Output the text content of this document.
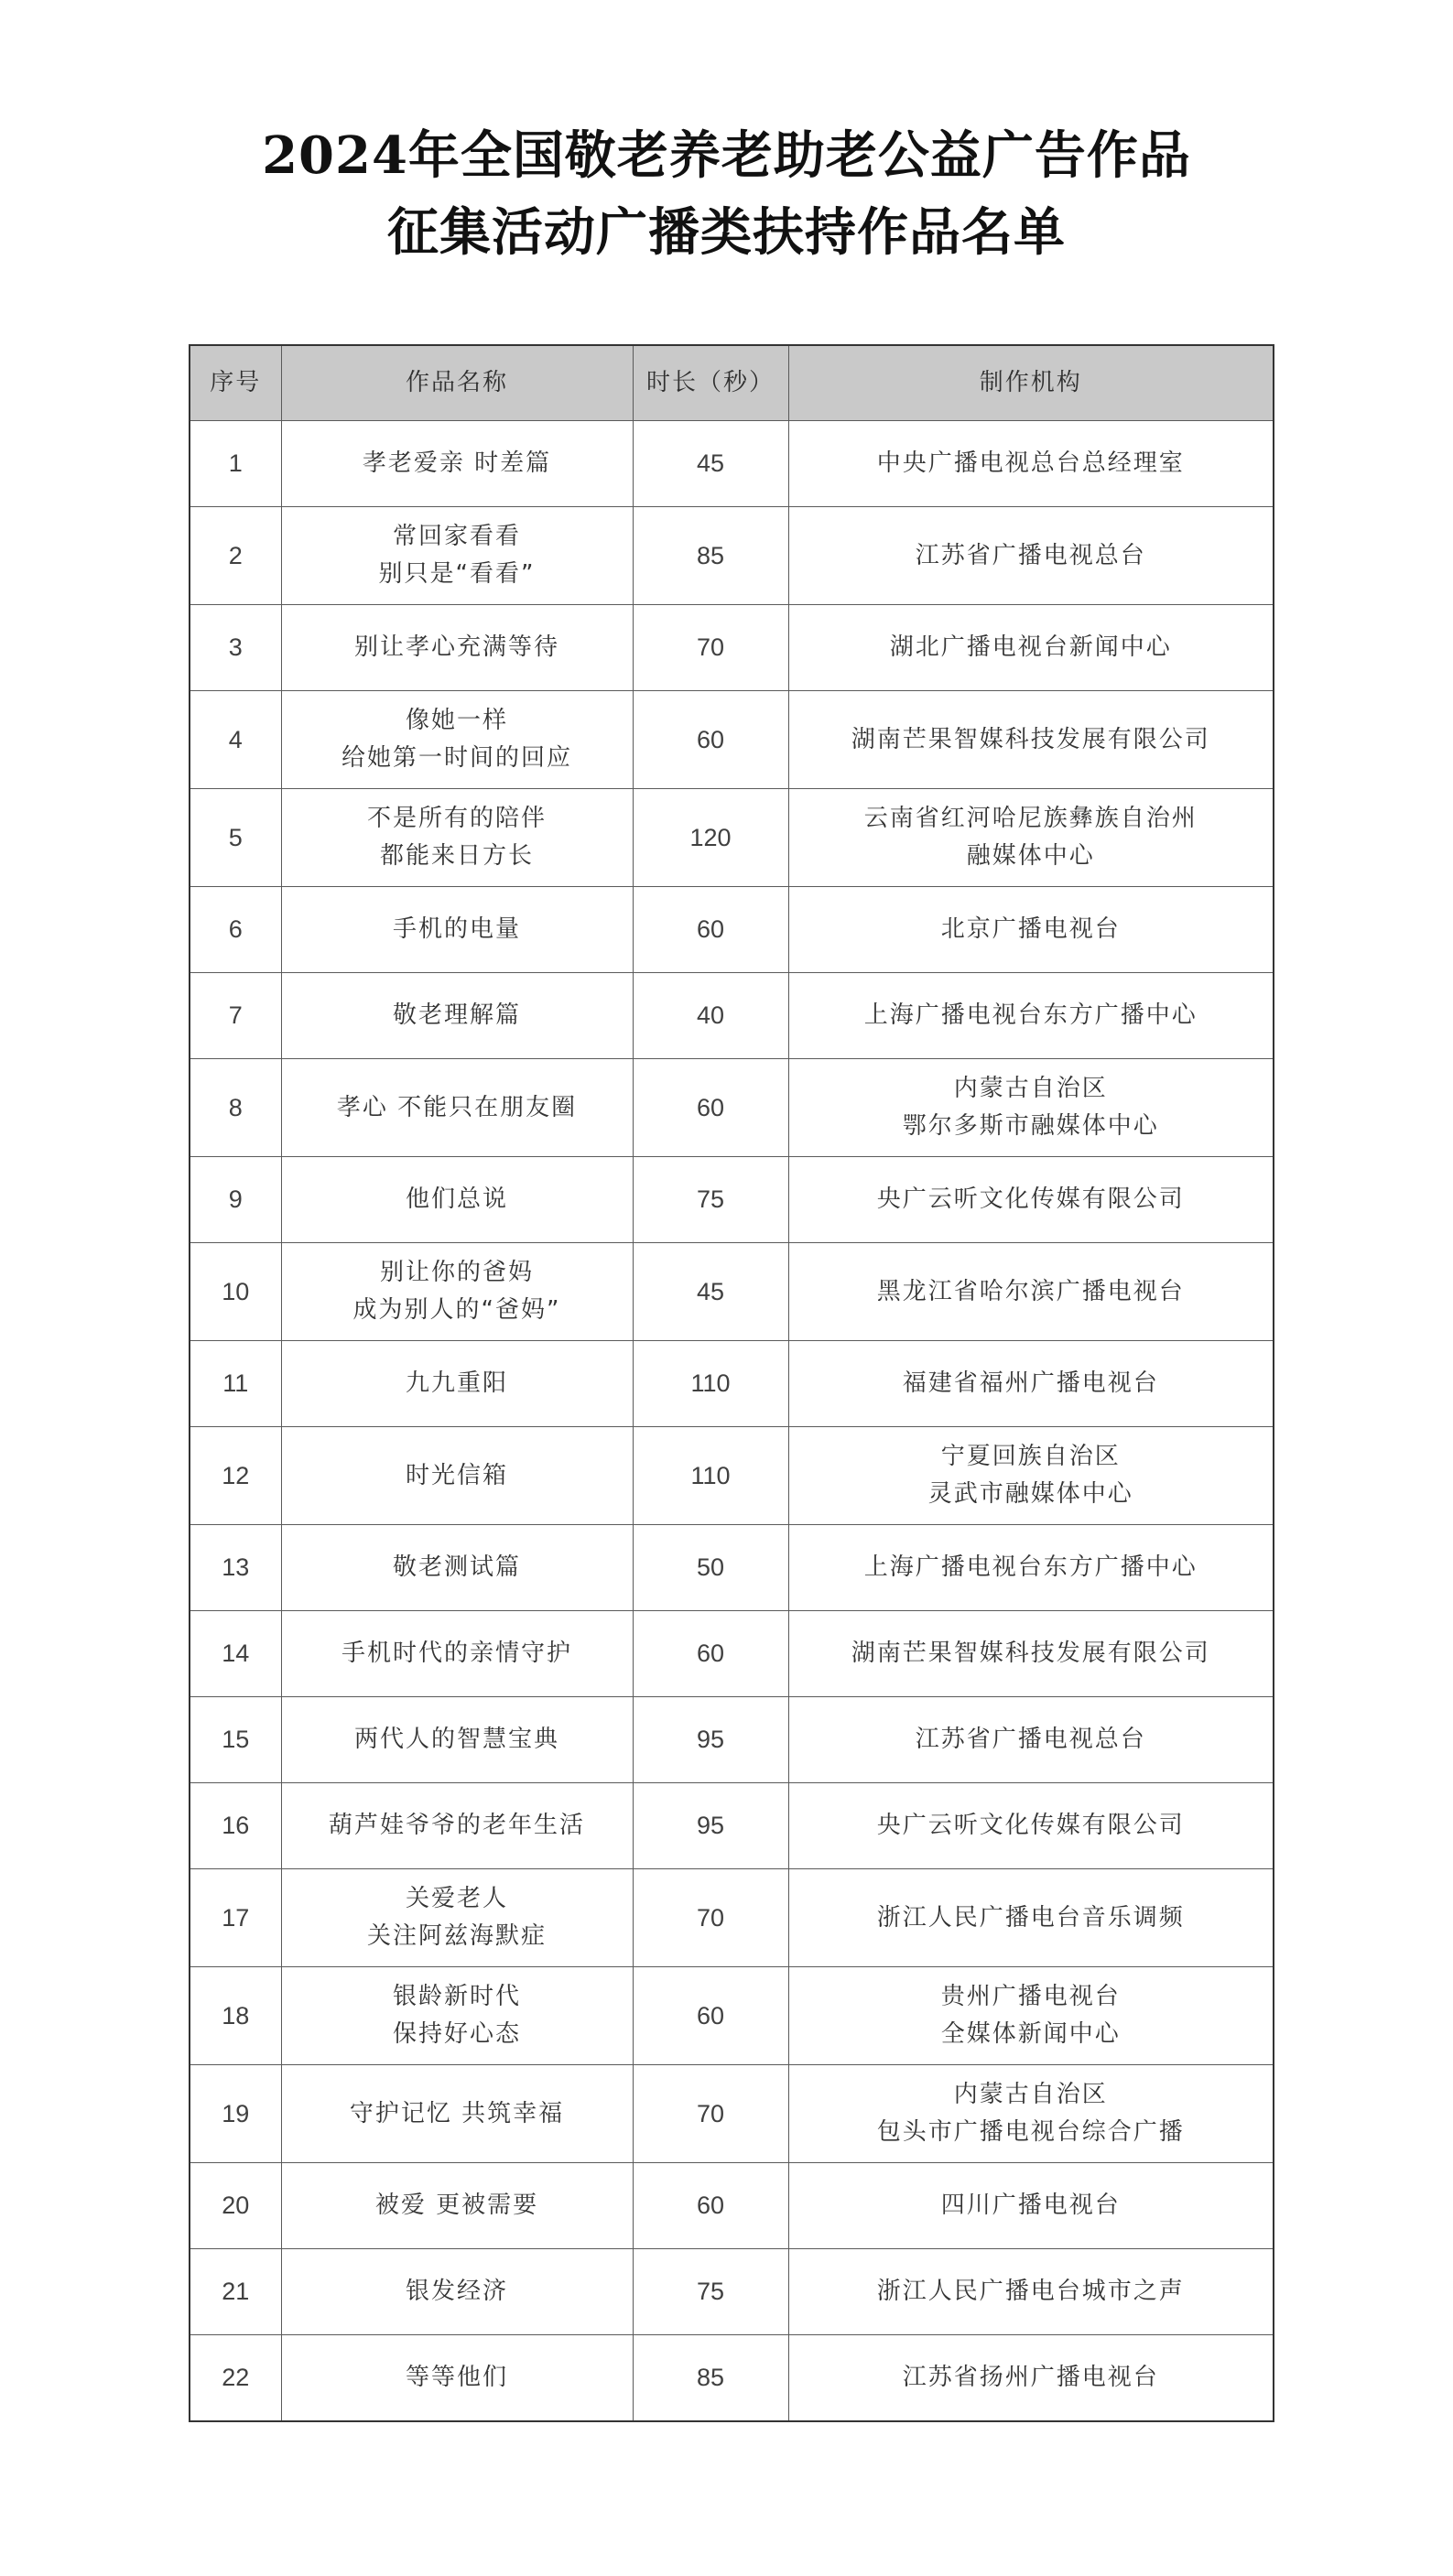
2024年全国敬老养老助老公益广告作品
征集活动广播类扶持作品名单
序号	作品名称	时长（秒）	制作机构
1	孝老爱亲 时差篇	45	中央广播电视总台总经理室

2	常回家看看
别只是“看看”	85	江苏省广播电视总台

3	别让孝心充满等待	70	湖北广播电视台新闻中心

4	像她一样
给她第一时间的回应	60	湖南芒果智媒科技发展有限公司

5	不是所有的陪伴
都能来日方长	120	云南省红河哈尼族彝族自治州
融媒体中心

6	手机的电量	60	北京广播电视台

7	敬老理解篇	40	上海广播电视台东方广播中心

8	孝心 不能只在朋友圈	60	内蒙古自治区
鄂尔多斯市融媒体中心

9	他们总说	75	央广云听文化传媒有限公司

10	别让你的爸妈
成为别人的“爸妈”	45	黑龙江省哈尔滨广播电视台

11	九九重阳	110	福建省福州广播电视台

12	时光信箱	110	宁夏回族自治区
灵武市融媒体中心

13	敬老测试篇	50	上海广播电视台东方广播中心

14	手机时代的亲情守护	60	湖南芒果智媒科技发展有限公司

15	两代人的智慧宝典	95	江苏省广播电视总台

16	葫芦娃爷爷的老年生活	95	央广云听文化传媒有限公司

17	关爱老人
关注阿兹海默症	70	浙江人民广播电台音乐调频

18	银龄新时代
保持好心态	60	贵州广播电视台
全媒体新闻中心

19	守护记忆 共筑幸福	70	内蒙古自治区
包头市广播电视台综合广播

20	被爱 更被需要	60	四川广播电视台

21	银发经济	75	浙江人民广播电台城市之声

22	等等他们	85	江苏省扬州广播电视台
